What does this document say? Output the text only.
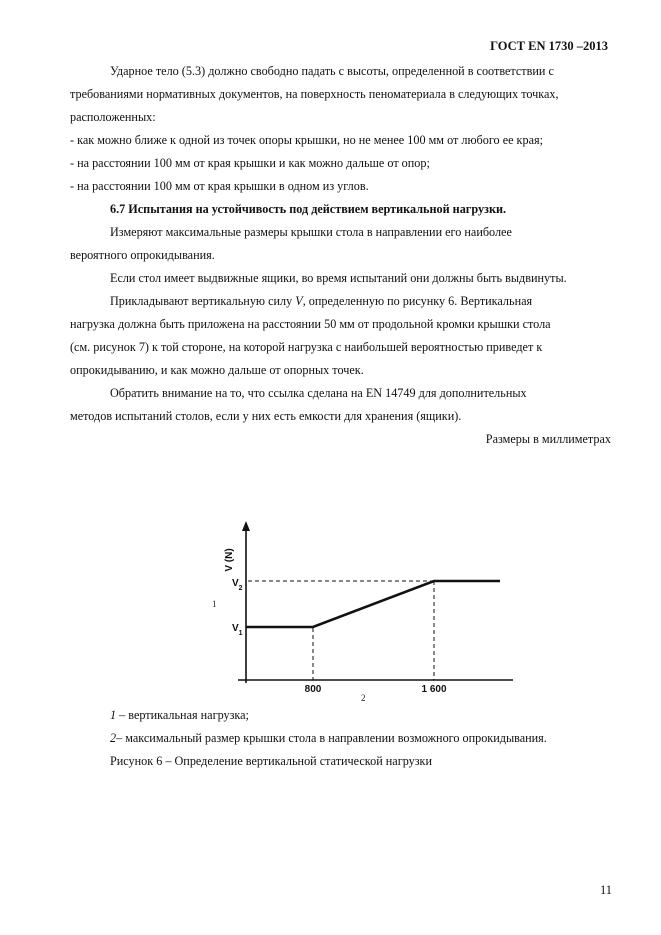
ГОСТ EN 1730 –2013
Ударное тело (5.3) должно свободно падать с высоты, определенной в соответствии с
требованиями нормативных документов, на поверхность пеноматериала в следующих точках,
расположенных:
- как можно ближе к одной из точек опоры крышки, но не менее 100 мм от любого ее края;
- на расстоянии 100 мм от края крышки и как можно дальше от опор;
- на расстоянии 100 мм от края крышки в одном из углов.
6.7 Испытания на устойчивость под действием вертикальной нагрузки.
Измеряют максимальные размеры крышки стола в направлении его наиболее
вероятного опрокидывания.
Если стол имеет выдвижные ящики, во время испытаний они должны быть выдвинуты.
Прикладывают вертикальную силу V, определенную по рисунку 6. Вертикальная
нагрузка должна быть приложена на расстоянии 50 мм от продольной кромки крышки стола
(см. рисунок 7) к той стороне, на которой нагрузка с наибольшей вероятностью приведет к
опрокидыванию, и как можно дальше от опорных точек.
Обратить внимание на то, что ссылка сделана на EN 14749 для дополнительных
методов испытаний столов, если у них есть емкости для хранения (ящики).
Размеры в миллиметрах
V (N)
$V_2$
$V_1$
800	1 600
1
2
1 – вертикальная нагрузка;
2– максимальный размер крышки стола в направлении возможного опрокидывания.
Рисунок 6 – Определение вертикальной статической нагрузки
11
